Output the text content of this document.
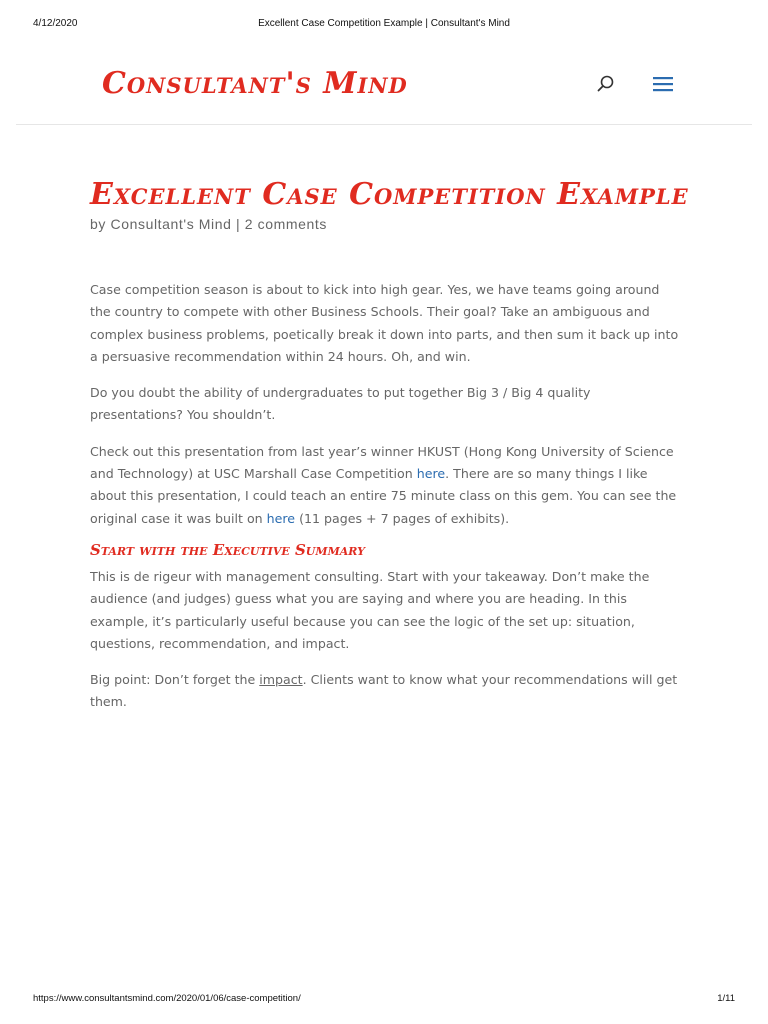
4/12/2020	Excellent Case Competition Example | Consultant's Mind
Consultant's Mind
Excellent Case Competition Example
by Consultant's Mind | 2 comments

Case competition season is about to kick into high gear. Yes, we have teams going around the country to compete with other Business Schools. Their goal? Take an ambiguous and complex business problems, poetically break it down into parts, and then sum it back up into a persuasive recommendation within 24 hours. Oh, and win.

Do you doubt the ability of undergraduates to put together Big 3 / Big 4 quality presentations? You shouldn’t.

Check out this presentation from last year’s winner HKUST (Hong Kong University of Science and Technology) at USC Marshall Case Competition here. There are so many things I like about this presentation, I could teach an entire 75 minute class on this gem. You can see the original case it was built on here (11 pages + 7 pages of exhibits).

Start with the Executive Summary

This is de rigeur with management consulting. Start with your takeaway. Don’t make the audience (and judges) guess what you are saying and where you are heading. In this example, it’s particularly useful because you can see the logic of the set up: situation, questions, recommendation, and impact.

Big point: Don’t forget the impact. Clients want to know what your recommendations will get them.

https://www.consultantsmind.com/2020/01/06/case-competition/	1/11
